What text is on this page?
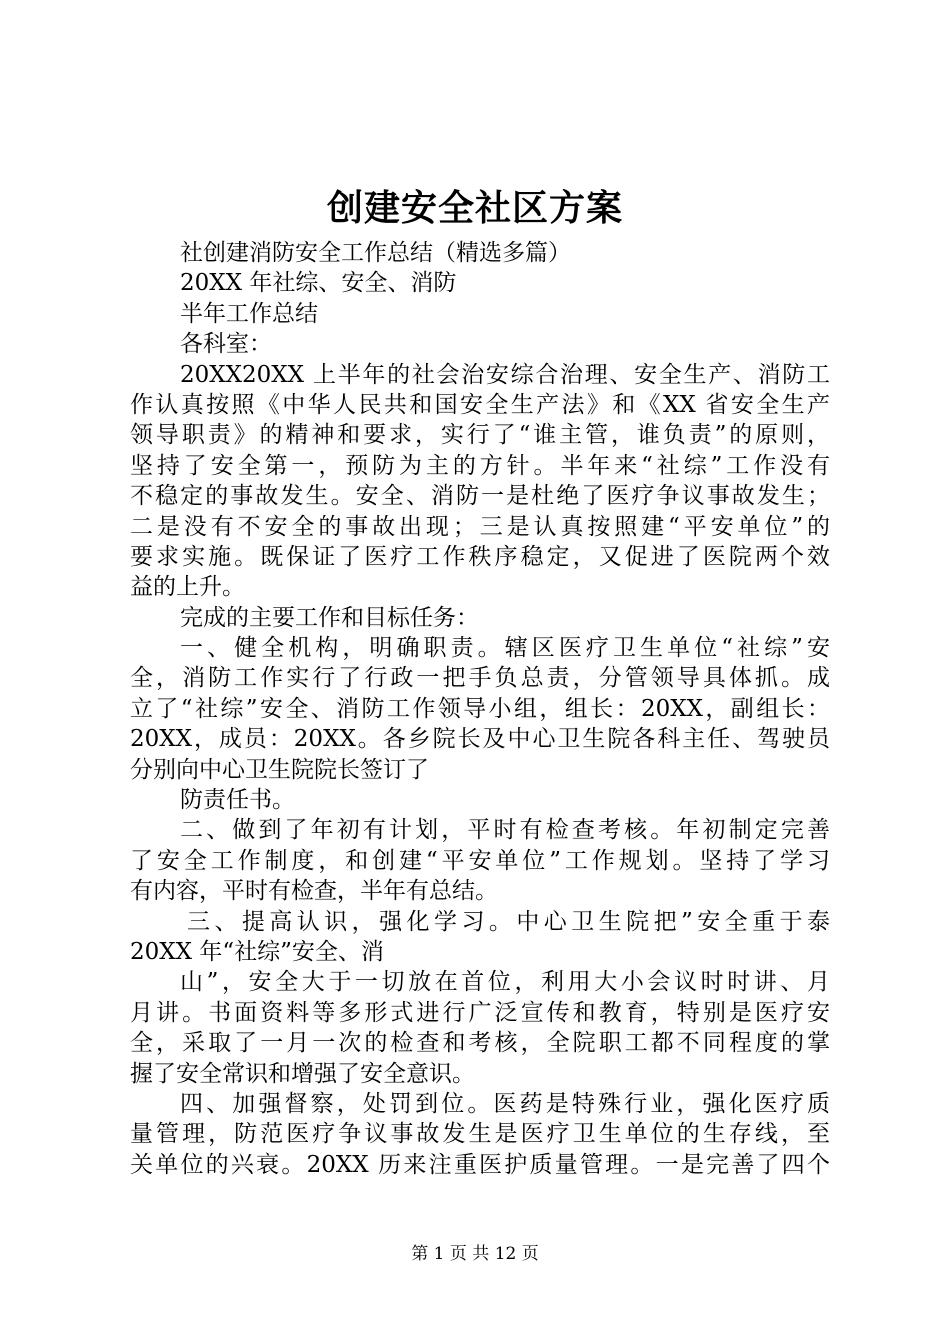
创建安全社区方案
社创建消防安全工作总结（精选多篇）
20XX 年社综、安全、消防
半年工作总结
各科室：
20XX20XX 上半年的社会治安综合治理、安全生产、消防工
作认真按照《中华人民共和国安全生产法》和《XX 省安全生产
领导职责》的精神和要求，实行了“谁主管，谁负责”的原则，
坚持了安全第一，预防为主的方针。半年来“社综”工作没有
不稳定的事故发生。安全、消防一是杜绝了医疗争议事故发生；
二是没有不安全的事故出现；三是认真按照建“平安单位”的
要求实施。既保证了医疗工作秩序稳定，又促进了医院两个效
益的上升。
完成的主要工作和目标任务：
一、健全机构，明确职责。辖区医疗卫生单位“社综”安
全，消防工作实行了行政一把手负总责，分管领导具体抓。成
立了“社综”安全、消防工作领导小组，组长：20XX，副组长：
20XX，成员：20XX。各乡院长及中心卫生院各科主任、驾驶员
分别向中心卫生院院长签订了
防责任书。
二、做到了年初有计划，平时有检查考核。年初制定完善
了安全工作制度，和创建“平安单位”工作规划。坚持了学习
有内容，平时有检查，半年有总结。
三、提高认识，强化学习。中心卫生院把”安全重于泰
20XX 年“社综”安全、消
山”，安全大于一切放在首位，利用大小会议时时讲、月
月讲。书面资料等多形式进行广泛宣传和教育，特别是医疗安
全，采取了一月一次的检查和考核，全院职工都不同程度的掌
握了安全常识和增强了安全意识。
四、加强督察，处罚到位。医药是特殊行业，强化医疗质
量管理，防范医疗争议事故发生是医疗卫生单位的生存线，至
关单位的兴衰。20XX 历来注重医护质量管理。一是完善了四个
第 1 页 共 12 页
